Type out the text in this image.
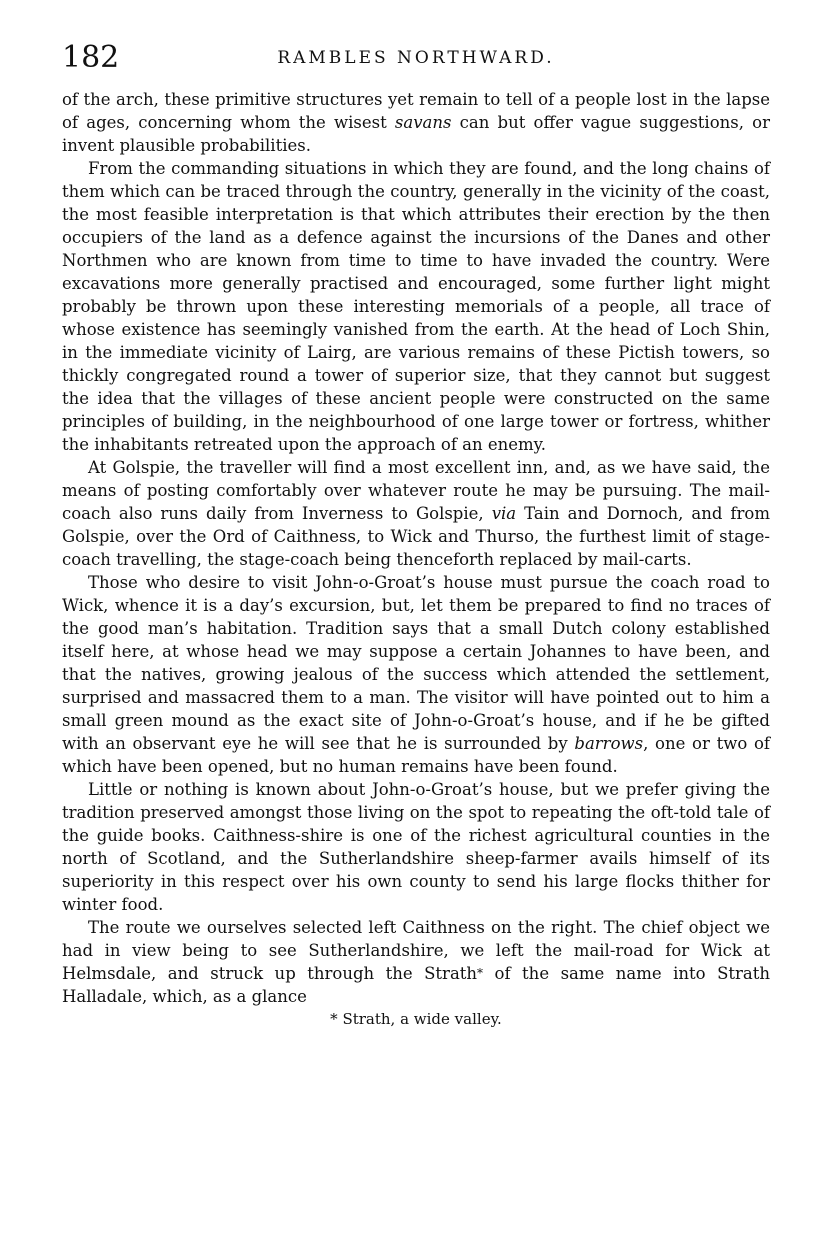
182	RAMBLES NORTHWARD.

of the arch, these primitive structures yet remain to tell of a people lost in the lapse of ages, concerning whom the wisest savans can but offer vague suggestions, or invent plausible probabilities.

From the commanding situations in which they are found, and the long chains of them which can be traced through the country, generally in the vicinity of the coast, the most feasible interpretation is that which attributes their erection by the then occupiers of the land as a defence against the incursions of the Danes and other Northmen who are known from time to time to have invaded the country. Were excavations more generally practised and encouraged, some further light might probably be thrown upon these interesting memorials of a people, all trace of whose existence has seemingly vanished from the earth. At the head of Loch Shin, in the immediate vicinity of Lairg, are various remains of these Pictish towers, so thickly congregated round a tower of superior size, that they cannot but suggest the idea that the villages of these ancient people were constructed on the same principles of building, in the neighbourhood of one large tower or fortress, whither the inhabitants retreated upon the approach of an enemy.

At Golspie, the traveller will find a most excellent inn, and, as we have said, the means of posting comfortably over whatever route he may be pursuing. The mail-coach also runs daily from Inverness to Golspie, via Tain and Dornoch, and from Golspie, over the Ord of Caithness, to Wick and Thurso, the furthest limit of stage-coach travelling, the stage-coach being thenceforth replaced by mail-carts.

Those who desire to visit John-o-Groat’s house must pursue the coach road to Wick, whence it is a day’s excursion, but, let them be prepared to find no traces of the good man’s habitation. Tradition says that a small Dutch colony established itself here, at whose head we may suppose a certain Johannes to have been, and that the natives, growing jealous of the success which attended the settlement, surprised and massacred them to a man. The visitor will have pointed out to him a small green mound as the exact site of John-o-Groat’s house, and if he be gifted with an observant eye he will see that he is surrounded by barrows, one or two of which have been opened, but no human remains have been found.

Little or nothing is known about John-o-Groat’s house, but we prefer giving the tradition preserved amongst those living on the spot to repeating the oft-told tale of the guide books. Caithness-shire is one of the richest agricultural counties in the north of Scotland, and the Sutherlandshire sheep-farmer avails himself of its superiority in this respect over his own county to send his large flocks thither for winter food.

The route we ourselves selected left Caithness on the right. The chief object we had in view being to see Sutherlandshire, we left the mail-road for Wick at Helmsdale, and struck up through the Strath* of the same name into Strath Halladale, which, as a glance

* Strath, a wide valley.
